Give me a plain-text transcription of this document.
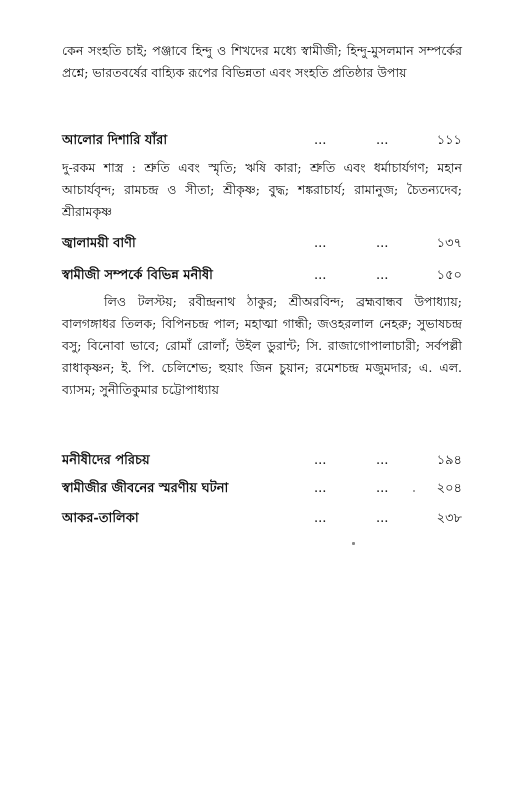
কেন সংহতি চাই; পঞ্জাবে হিন্দু ও শিখদের মধ্যে স্বামীজী; হিন্দু-মুসলমান সম্পর্কের প্রশ্নে; ভারতবর্ষের বাহ্যিক রূপের বিভিন্নতা এবং সংহতি প্রতিষ্ঠার উপায়

আলোর দিশারি যাঁরা	...	...	১১১

দু-রকম শাস্ত্র : শ্রুতি এবং স্মৃতি; ঋষি কারা; শ্রুতি এবং ধর্মাচার্যগণ; মহান আচার্যবৃন্দ; রামচন্দ্র ও সীতা; শ্রীকৃষ্ণ; বুদ্ধ; শঙ্করাচার্য; রামানুজ; চৈতন্যদেব; শ্রীরামকৃষ্ণ

জ্বালাময়ী বাণী	...	...	১৩৭
স্বামীজী সম্পর্কে বিভিন্ন মনীষী	...	...	১৫০

লিও টলস্টয়; রবীন্দ্রনাথ ঠাকুর; শ্রীঅরবিন্দ; ব্রহ্মবান্ধব উপাধ্যায়; বালগঙ্গাধর তিলক; বিপিনচন্দ্র পাল; মহাত্মা গান্ধী; জওহরলাল নেহরু; সুভাষচন্দ্র বসু; বিনোবা ভাবে; রোমাঁ রোলাঁ; উইল ডুরান্ট; সি. রাজাগোপালাচারী; সর্বপল্লী রাধাকৃষ্ণন; ই. পি. চেলিশেভ; হুয়াং জিন চুয়ান; রমেশচন্দ্র মজুমদার; এ. এল. ব্যাসম; সুনীতিকুমার চট্টোপাধ্যায়

মনীষীদের পরিচয়	...	...	১৯৪
স্বামীজীর জীবনের স্মরণীয় ঘটনা	...	...	২০৪
আকর-তালিকা	...	...	২৩৮
